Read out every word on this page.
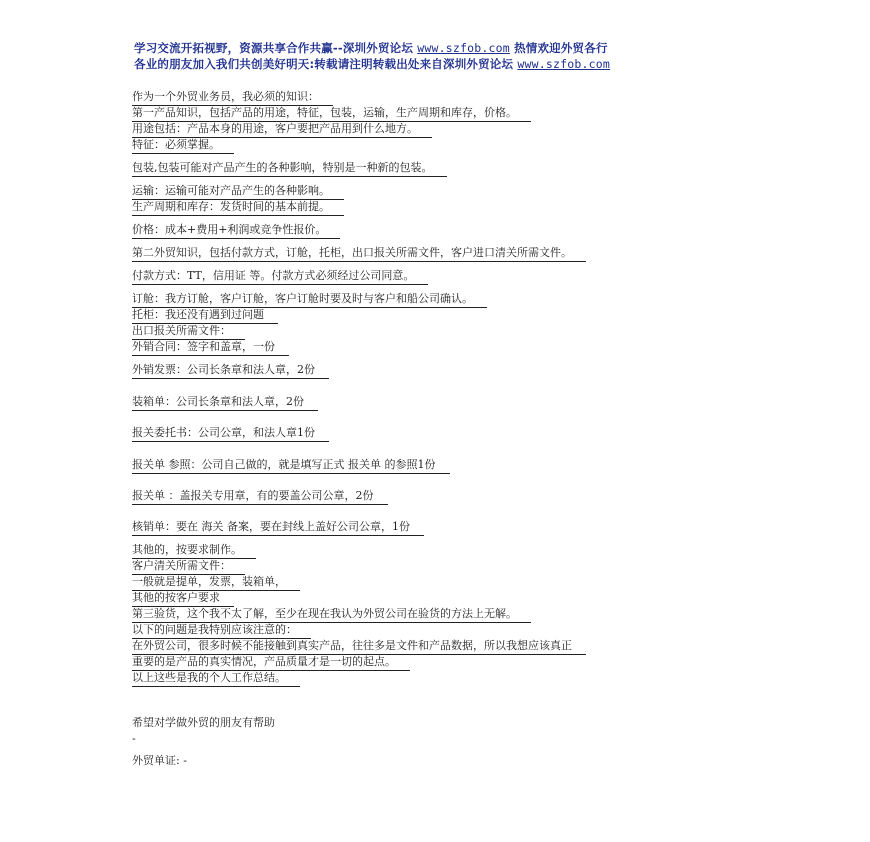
学习交流开拓视野，资源共享合作共赢--深圳外贸论坛 www.szfob.com 热情欢迎外贸各行
各业的朋友加入我们共创美好明天:转载请注明转载出处来自深圳外贸论坛 www.szfob.com
作为一个外贸业务员，我必须的知识：
第一产品知识，包括产品的用途，特征，包装，运输，生产周期和库存，价格。
用途包括：产品本身的用途，客户要把产品用到什么地方。
特征：必须掌握。
包装,包装可能对产品产生的各种影响，特别是一种新的包装。
运输：运输可能对产品产生的各种影响。
生产周期和库存：发货时间的基本前提。
价格：成本+费用+利润或竞争性报价。
第二外贸知识，包括付款方式，订舱，托柜，出口报关所需文件，客户进口清关所需文件。
付款方式：TT，信用证 等。付款方式必须经过公司同意。
订舱：我方订舱，客户订舱，客户订舱时要及时与客户和船公司确认。
托柜：我还没有遇到过问题
出口报关所需文件：
外销合同：签字和盖章，一份
外销发票：公司长条章和法人章，2份
装箱单：公司长条章和法人章，2份
报关委托书：公司公章，和法人章1份
报关单 参照：公司自己做的，就是填写正式 报关单 的参照1份
报关单 ：盖报关专用章，有的要盖公司公章，2份
核销单：要在 海关 备案，要在封线上盖好公司公章，1份
其他的，按要求制作。
客户清关所需文件：
一般就是提单，发票，装箱单，
其他的按客户要求
第三验货，这个我不太了解，至少在现在我认为外贸公司在验货的方法上无解。
以下的问题是我特别应该注意的：
在外贸公司，很多时候不能接触到真实产品，往往多是文件和产品数据，所以我想应该真正
重要的是产品的真实情况，产品质量才是一切的起点。
以上这些是我的个人工作总结。
希望对学做外贸的朋友有帮助
-
外贸单证: -
